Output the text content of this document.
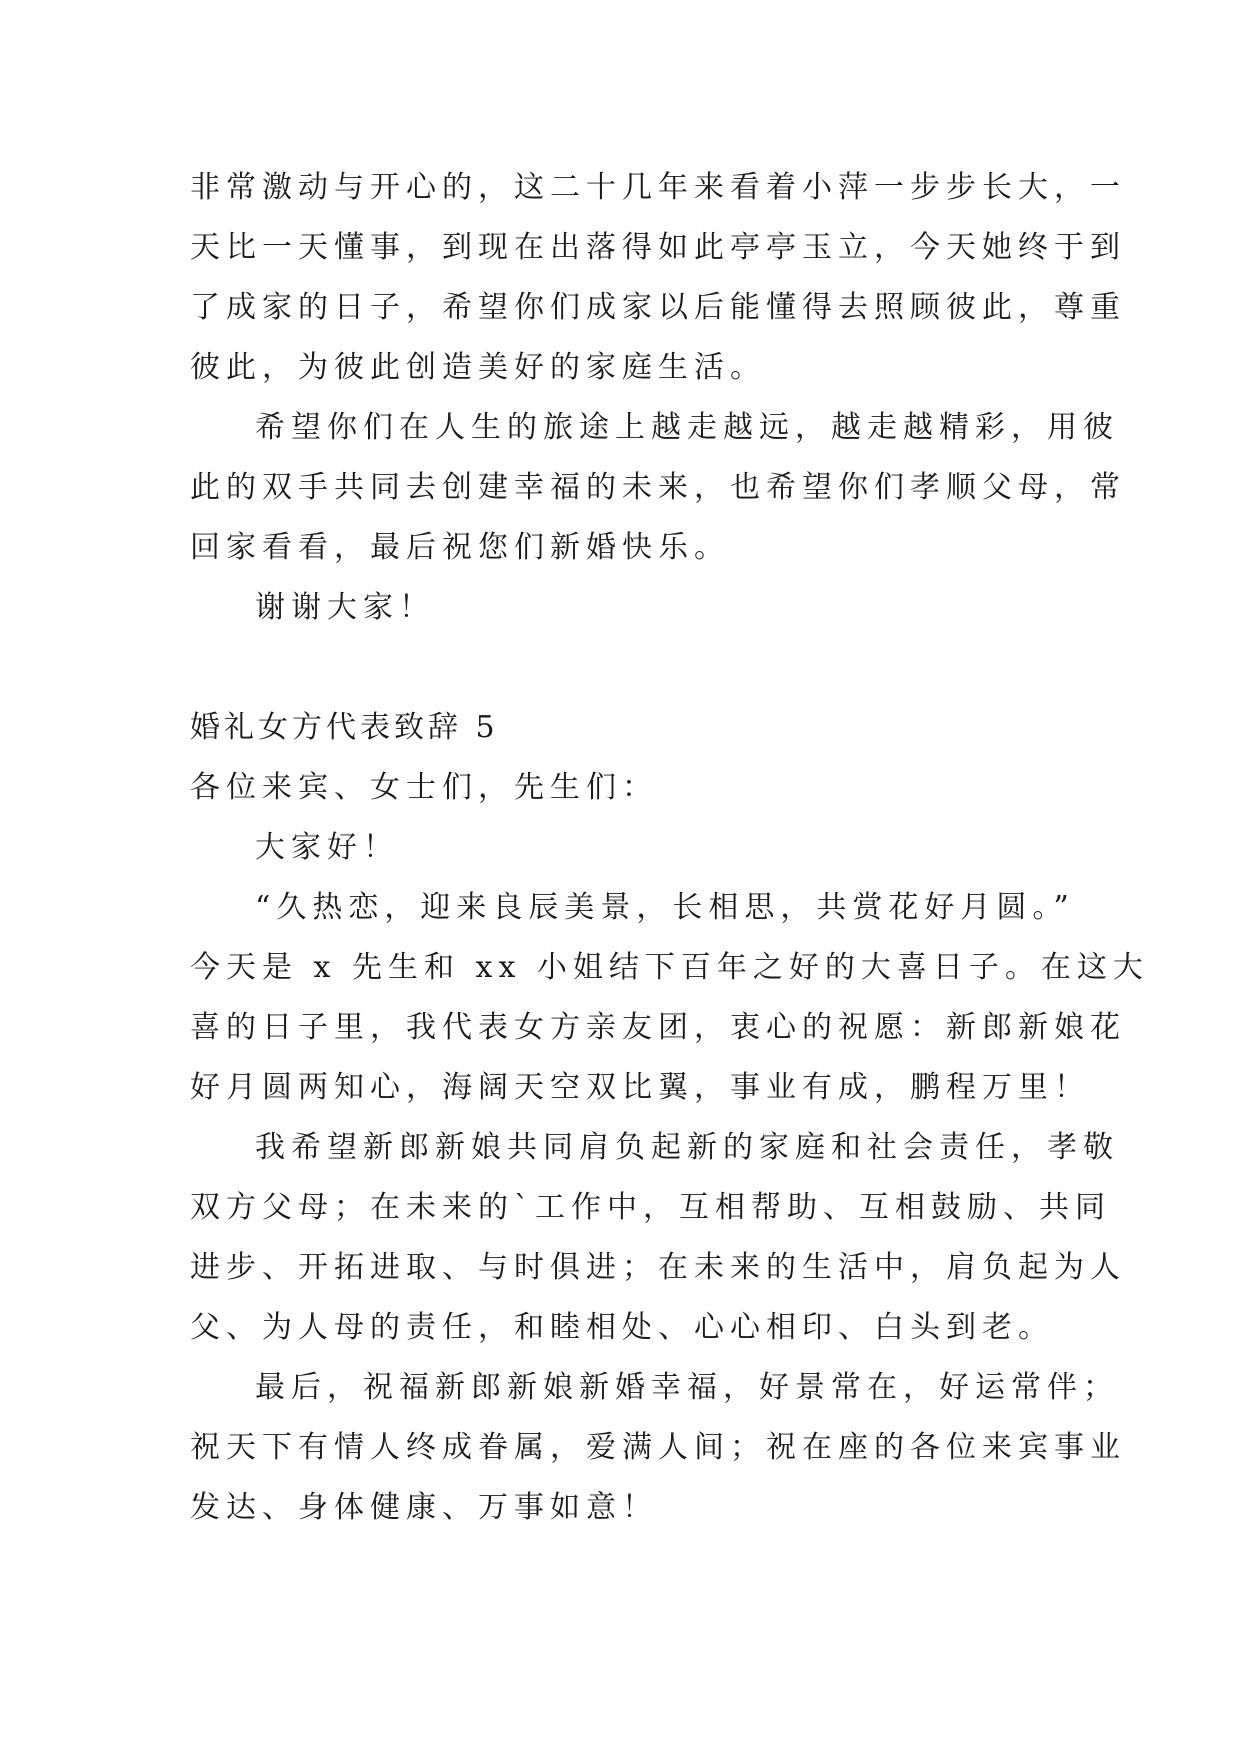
非常激动与开心的，这二十几年来看着小萍一步步长大，一

天比一天懂事，到现在出落得如此亭亭玉立，今天她终于到

了成家的日子，希望你们成家以后能懂得去照顾彼此，尊重

彼此，为彼此创造美好的家庭生活。

希望你们在人生的旅途上越走越远，越走越精彩，用彼

此的双手共同去创建幸福的未来，也希望你们孝顺父母，常

回家看看，最后祝您们新婚快乐。

谢谢大家！

婚礼女方代表致辞 5

各位来宾、女士们，先生们：

大家好！

“久热恋，迎来良辰美景，长相思，共赏花好月圆。”

今天是 x 先生和 xx 小姐结下百年之好的大喜日子。在这大

喜的日子里，我代表女方亲友团，衷心的祝愿：新郎新娘花

好月圆两知心，海阔天空双比翼，事业有成，鹏程万里！

我希望新郎新娘共同肩负起新的家庭和社会责任，孝敬

双方父母；在未来的`工作中，互相帮助、互相鼓励、共同

进步、开拓进取、与时俱进；在未来的生活中，肩负起为人

父、为人母的责任，和睦相处、心心相印、白头到老。

最后，祝福新郎新娘新婚幸福，好景常在，好运常伴；

祝天下有情人终成眷属，爱满人间；祝在座的各位来宾事业

发达、身体健康、万事如意！
